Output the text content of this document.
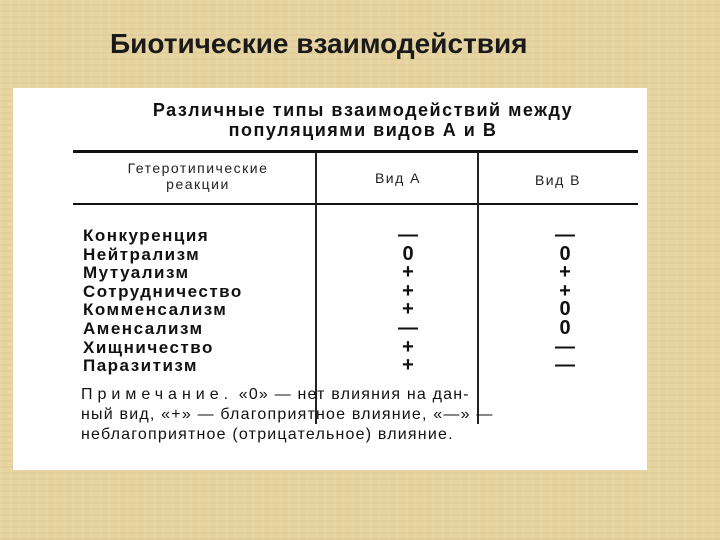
Биотические взаимодействия
Различные типы взаимодействий между
популяциями видов А и В
Гетеротипические
реакции	Вид А	Вид В
Конкуренция	—	—
Нейтрализм	0	0
Мутуализм	+	+
Сотрудничество	+	+
Комменсализм	+	0
Аменсализм	—	0
Хищничество	+	—
Паразитизм	+	—
Примечание. «0» — нет влияния на дан-
ный вид, «+» — благоприятное влияние, «—» —
неблагоприятное (отрицательное) влияние.
